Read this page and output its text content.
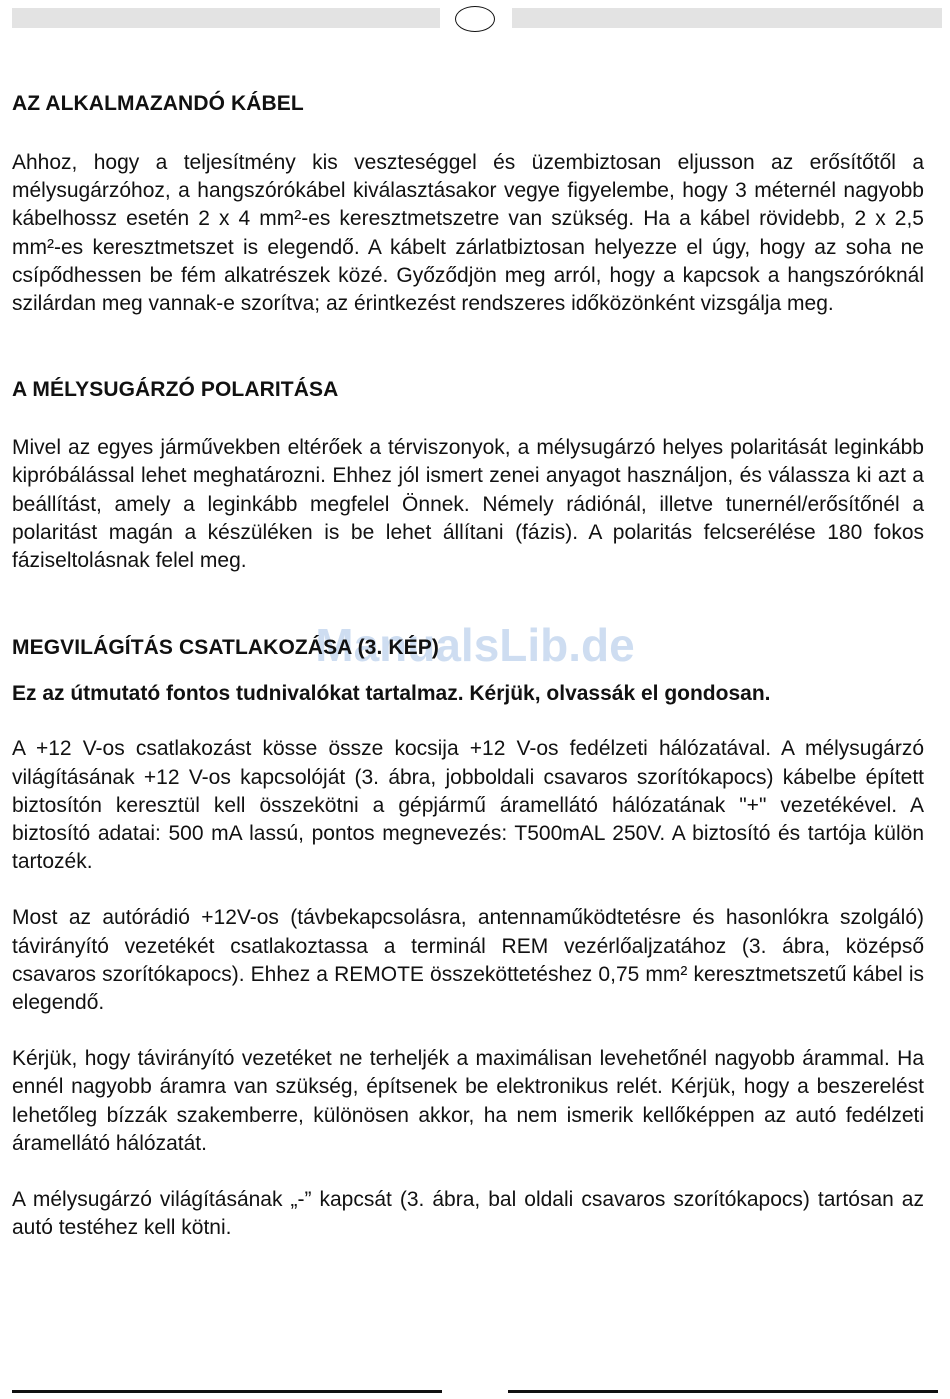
ManualsLib.de
AZ ALKALMAZANDÓ KÁBEL

Ahhoz, hogy a teljesítmény kis veszteséggel és üzembiztosan eljusson az erősítőtől a mélysugárzóhoz, a hangszórókábel kiválasztásakor vegye figyelembe, hogy 3 méternél nagyobb kábelhossz esetén 2 x 4 mm²-es keresztmetszetre van szükség. Ha a kábel rövidebb, 2 x 2,5 mm²-es keresztmetszet is elegendő. A kábelt zárlatbiztosan helyezze el úgy, hogy az soha ne csípődhessen be fém alkatrészek közé. Győződjön meg arról, hogy a kapcsok a hangszóróknál szilárdan meg vannak-e szorítva; az érintkezést rendszeres időközönként vizsgálja meg.

A MÉLYSUGÁRZÓ POLARITÁSA

Mivel az egyes járművekben eltérőek a térviszonyok, a mélysugárzó helyes polaritását leginkább kipróbálással lehet meghatározni. Ehhez jól ismert zenei anyagot használjon, és válassza ki azt a beállítást, amely a leginkább megfelel Önnek. Némely rádiónál, illetve tunernél/erősítőnél a polaritást magán a készüléken is be lehet állítani (fázis). A polaritás felcserélése 180 fokos fáziseltolásnak felel meg.

MEGVILÁGÍTÁS CSATLAKOZÁSA (3. KÉP)

Ez az útmutató fontos tudnivalókat tartalmaz. Kérjük, olvassák el gondosan.

A +12 V-os csatlakozást kösse össze kocsija +12 V-os fedélzeti hálózatával. A mélysugárzó világításának +12 V-os kapcsolóját (3. ábra, jobboldali csavaros szorítókapocs) kábelbe épített biztosítón keresztül kell összekötni a gépjármű áramellátó hálózatának "+" vezetékével. A biztosító adatai: 500 mA lassú, pontos megnevezés: T500mAL 250V. A biztosító és tartója külön tartozék.

Most az autórádió +12V-os (távbekapcsolásra, antennaműködtetésre és hasonlókra szolgáló) távirányító vezetékét csatlakoztassa a terminál REM vezérlőaljzatához (3. ábra, középső csavaros szorítókapocs). Ehhez a REMOTE összeköttetéshez 0,75 mm² keresztmetszetű kábel is elegendő.

Kérjük, hogy távirányító vezetéket ne terheljék a maximálisan levehetőnél nagyobb árammal. Ha ennél nagyobb áramra van szükség, építsenek be elektronikus relét. Kérjük, hogy a beszerelést lehetőleg bízzák szakemberre, különösen akkor, ha nem ismerik kellőképpen az autó fedélzeti áramellátó hálózatát.

A mélysugárzó világításának „-” kapcsát (3. ábra, bal oldali csavaros szorítókapocs) tartósan az autó testéhez kell kötni.
